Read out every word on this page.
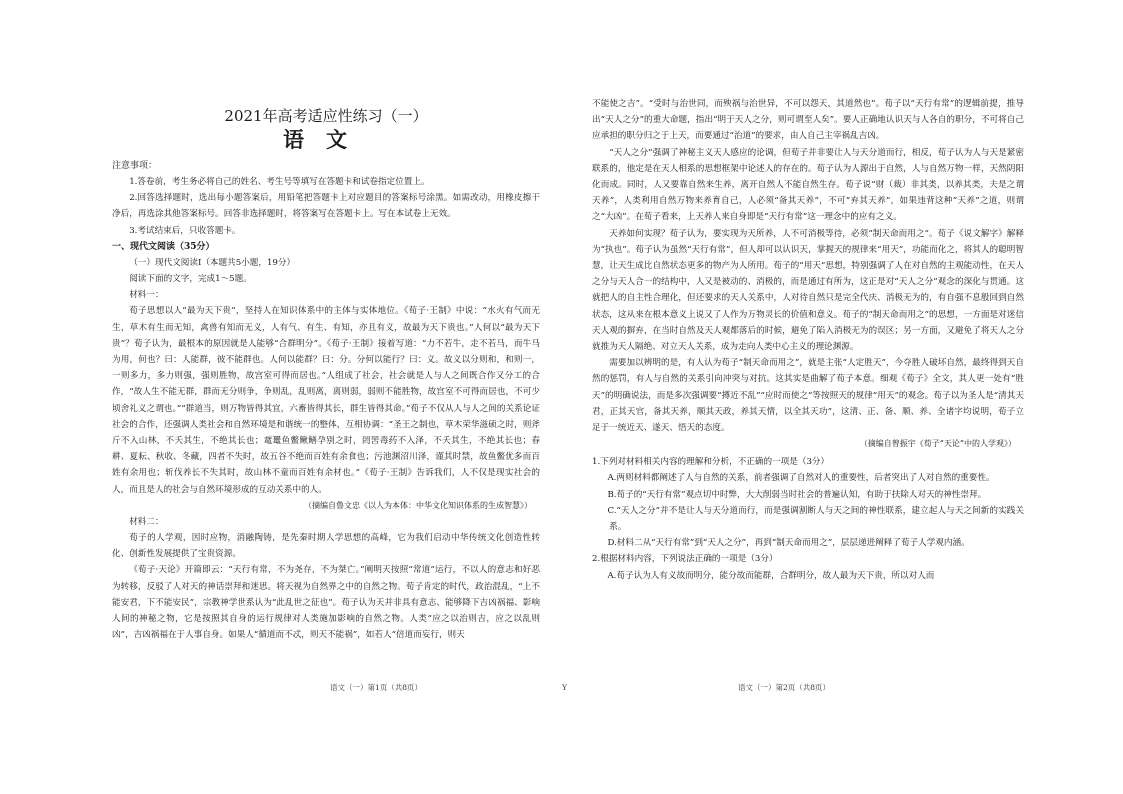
2021年高考适应性练习（一）

语文

注意事项：

1.答卷前，考生务必将自己的姓名、考生号等填写在答题卡和试卷指定位置上。

2.回答选择题时，选出每小题答案后，用铅笔把答题卡上对应题目的答案标号涂黑。如需改动，用橡皮擦干净后，再选涂其他答案标号。回答非选择题时，将答案写在答题卡上。写在本试卷上无效。

3.考试结束后，只收答题卡。

一、现代文阅读（35分）

（一）现代文阅读Ⅰ（本题共5小题，19分）

阅读下面的文字，完成1～5题。

材料一：

荀子思想以人“最为天下贵”，坚持人在知识体系中的主体与实体地位。《荀子·王制》中说：“水火有气而无生，草木有生而无知，禽兽有知而无义，人有气、有生、有知，亦且有义，故最为天下贵也。”人何以“最为天下贵”？荀子认为，最根本的原因就是人能够“合群明分”。《荀子·王制》接着写道：“力不若牛，走不若马，而牛马为用，何也？曰：人能群，彼不能群也。人何以能群？曰：分。分何以能行？曰：义。故义以分则和，和则一，一则多力，多力则强，强则胜物，故宫室可得而居也。”人组成了社会，社会就是人与人之间既合作又分工的合作，“故人生不能无群，群而无分则争，争则乱，乱则离，离则弱，弱则不能胜物，故宫室不可得而居也，不可少顷舍礼义之谓也。”“群道当，则万物皆得其宜，六畜皆得其长，群生皆得其命。”荀子不仅从人与人之间的关系论证社会的合作，还强调人类社会和自然环境是和谐统一的整体，互相协调：“圣王之制也，草木荣华滋硕之时，则斧斤不入山林，不夭其生，不绝其长也；鼋鼍鱼鳖鳅鳝孕别之时，罔罟毒药不入泽，不夭其生，不绝其长也；春耕、夏耘、秋收、冬藏，四者不失时，故五谷不绝而百姓有余食也；污池渊沼川泽，谨其时禁，故鱼鳖优多而百姓有余用也；斩伐养长不失其时，故山林不童而百姓有余材也。”《荀子·王制》告诉我们，人不仅是现实社会的人，而且是人的社会与自然环境形成的互动关系中的人。

（摘编自鲁文忠《以人为本体：中华文化知识体系的生成智慧》）

材料二：

荀子的人学观，因时应物，消融陶铸，是先秦时期人学思想的高峰，它为我们启动中华传统文化创造性转化、创新性发展提供了宝贵资源。

《荀子·天论》开篇即云：“天行有常，不为尧存，不为桀亡。”阐明天按照“常道”运行，不以人的意志和好恶为转移，反驳了人对天的神话崇拜和迷思。将天视为自然界之中的自然之物。荀子肯定的时代，政治混乱，“上不能安君，下不能安民”，宗教神学世系认为“此乱世之征也”。荀子认为天并非具有意志、能够降下吉凶祸福、影响人间的神秘之物，它是按照其自身的运行规律对人类施加影响的自然之物。人类“应之以治则吉，应之以乱则凶”，吉凶祸福在于人事自身。如果人“循道而不忒，则天不能祸”，如若人“倍道而妄行，则天

不能使之吉”。“受时与治世同，而殃祸与治世异，不可以怨天，其道然也”。荀子以“天行有常”的逻辑前提，推导出“天人之分”的重大命题，指出“明于天人之分，则可谓至人矣”。要人正确地认识天与人各自的职分，不可将自己应承担的职分归之于上天，而要通过“治道”的要求，由人自己主宰祸乱吉凶。

“天人之分”强调了神秘主义天人感应的论调，但荀子并非要让人与天分道而行，相反，荀子认为人与天是紧密联系的，他定是在天人相系的思想框架中论述人的存在的。荀子认为人源出于自然，人与自然万物一样，天然阴阳化而成。同时，人又要靠自然来生养，离开自然人不能自然生存。荀子说“财（裁）非其类，以养其类，夫是之谓天养”，人类利用自然万物来养育自己，人必须“备其天养”，不可“弃其天养”，如果违背这种“天养”之道，则谓之“大凶”。在荀子看来，上天养人来自身即是“天行有常”这一理念中的应有之义。

天养如何实现？荀子认为，要实现为天所养，人不可消极等待，必须“制天命而用之”。荀子《说文解字》解释为“执也”。荀子认为虽然“天行有常”，但人却可以认识天，掌握天的规律来“用天”，功能而化之，将其人的聪明智慧，让天生成比自然状态更多的物产为人所用。荀子的“用天”思想，特别强调了人在对自然的主观能动性，在天人之分与天人合一的结构中，人又是被动的、消极的，而是通过有所为，这正是对“天人之分”观念的深化与贯通。这就把人的自主性合理化，但还要求的天人关系中，人对待自然只是完全代庆、消极无为的，有自强不息般回到自然状态，这从来在根本意义上说又了人作为万物灵长的价值和意义。荀子的“制天命而用之”的思想，一方面是对迷信天人观的摒弃，在当时自然及天人观都落后的时候，避免了陷入消极无为的误区；另一方面，又避免了将天人之分就推为天人隔绝、对立天人关系，成为走向人类中心主义的理论渊源。

需要加以辨明的是，有人认为荀子“制天命而用之”，就是主张“人定胜天”，今夺胜人破坏自然，最终得到天自然的惩罚，有人与自然的关系引向冲突与对抗。这其实是曲解了荀子本意。细观《荀子》全文，其人更一处有“胜天”的明确说法，而是多次强调要“撙近不乱”“应时而使之”等按照天的规律“用天”的观念。荀子以为圣人是“清其天君，正其天官，备其天养，顺其天政，养其天情，以全其天功”，这清、正、备、顺、养、全诸字均说明，荀子立足于一统近天、遂天、悟天的态度。

（摘编自曾振宇《荀子“天论”中的人学观》）

1.下列对材料相关内容的理解和分析，不正确的一项是（3分）

A.两则材料都阐述了人与自然的关系，前者强调了自然对人的重要性，后者突出了人对自然的重要性。

B.荀子的“天行有常”观点切中时弊，大大削弱当时社会的普遍认知，有助于扶除人对天的神性崇拜。

C.“天人之分”并不是让人与天分道而行，而是强调割断人与天之间的神性联系，建立起人与天之间新的实践关系。

D.材料二从“天行有常”到“天人之分”，再到“制天命而用之”，层层递进阐释了荀子人学观内涵。

2.根据材料内容，下列说法正确的一项是（3分）

A.荀子认为人有义故而明分，能分故而能群，合群明分，故人最为天下贵，所以对人而

语文（一）第1页（共8页）	Y	语文（一）第2页（共8页）
